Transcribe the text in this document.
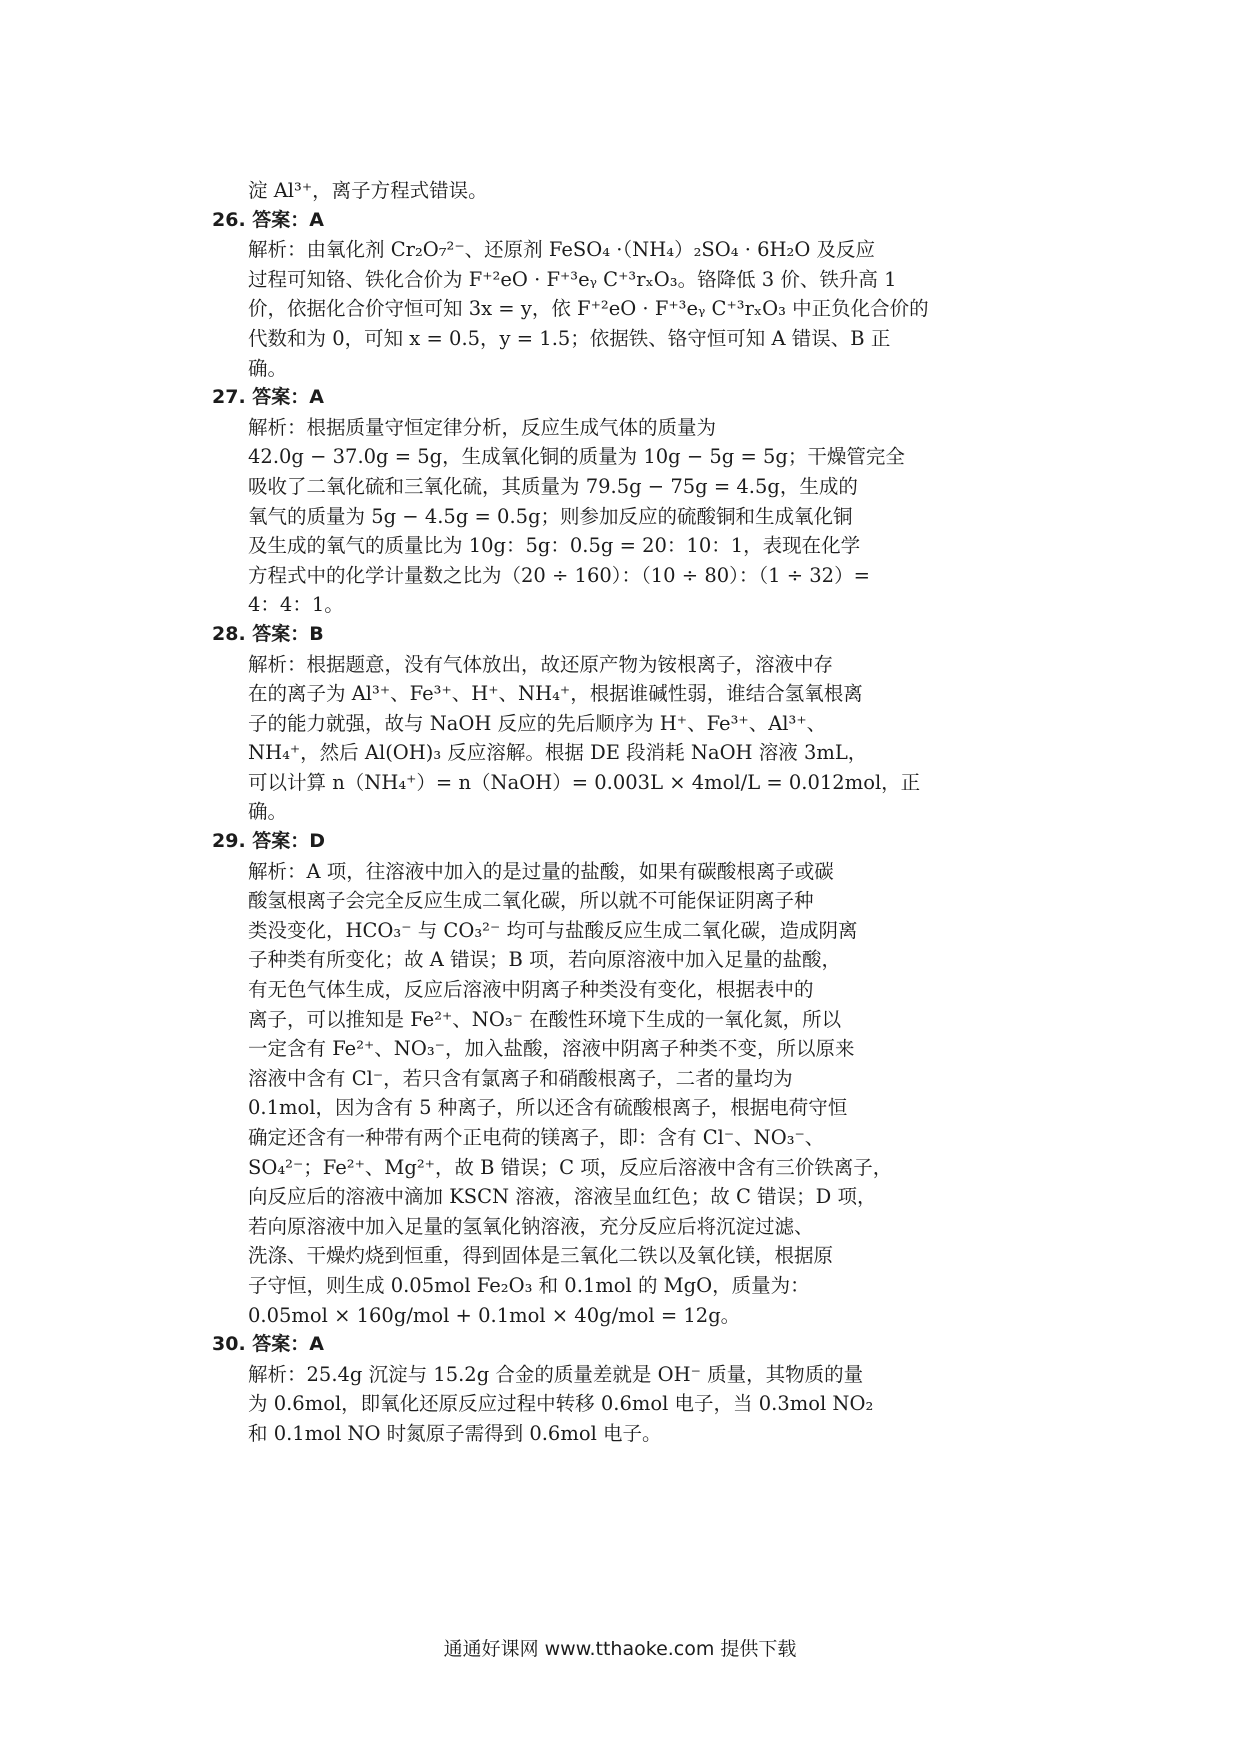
淀 Al³⁺，离子方程式错误。
26. 答案：A
解析：由氧化剂 Cr₂O₇²⁻、还原剂 FeSO₄ ·（NH₄）₂SO₄ · 6H₂O 及反应
过程可知铬、铁化合价为 F⁺²eO · F⁺³eᵧ C⁺³rₓO₃。铬降低 3 价、铁升高 1
价，依据化合价守恒可知 3x = y，依 F⁺²eO · F⁺³eᵧ C⁺³rₓO₃ 中正负化合价的
代数和为 0，可知 x = 0.5，y = 1.5；依据铁、铬守恒可知 A 错误、B 正
确。
27. 答案：A
解析：根据质量守恒定律分析，反应生成气体的质量为
42.0g − 37.0g = 5g，生成氧化铜的质量为 10g − 5g = 5g；干燥管完全
吸收了二氧化硫和三氧化硫，其质量为 79.5g − 75g = 4.5g，生成的
氧气的质量为 5g − 4.5g = 0.5g；则参加反应的硫酸铜和生成氧化铜
及生成的氧气的质量比为 10g：5g：0.5g = 20：10：1，表现在化学
方程式中的化学计量数之比为（20 ÷ 160）：（10 ÷ 80）：（1 ÷ 32）=
4：4：1。
28. 答案：B
解析：根据题意，没有气体放出，故还原产物为铵根离子，溶液中存
在的离子为 Al³⁺、Fe³⁺、H⁺、NH₄⁺，根据谁碱性弱，谁结合氢氧根离
子的能力就强，故与 NaOH 反应的先后顺序为 H⁺、Fe³⁺、Al³⁺、
NH₄⁺，然后 Al(OH)₃ 反应溶解。根据 DE 段消耗 NaOH 溶液 3mL，
可以计算 n（NH₄⁺）= n（NaOH）= 0.003L × 4mol/L = 0.012mol，正
确。
29. 答案：D
解析：A 项，往溶液中加入的是过量的盐酸，如果有碳酸根离子或碳
酸氢根离子会完全反应生成二氧化碳，所以就不可能保证阴离子种
类没变化，HCO₃⁻ 与 CO₃²⁻ 均可与盐酸反应生成二氧化碳，造成阴离
子种类有所变化；故 A 错误；B 项，若向原溶液中加入足量的盐酸，
有无色气体生成，反应后溶液中阴离子种类没有变化，根据表中的
离子，可以推知是 Fe²⁺、NO₃⁻ 在酸性环境下生成的一氧化氮，所以
一定含有 Fe²⁺、NO₃⁻，加入盐酸，溶液中阴离子种类不变，所以原来
溶液中含有 Cl⁻，若只含有氯离子和硝酸根离子，二者的量均为
0.1mol，因为含有 5 种离子，所以还含有硫酸根离子，根据电荷守恒
确定还含有一种带有两个正电荷的镁离子，即：含有 Cl⁻、NO₃⁻、
SO₄²⁻；Fe²⁺、Mg²⁺，故 B 错误；C 项，反应后溶液中含有三价铁离子，
向反应后的溶液中滴加 KSCN 溶液，溶液呈血红色；故 C 错误；D 项，
若向原溶液中加入足量的氢氧化钠溶液，充分反应后将沉淀过滤、
洗涤、干燥灼烧到恒重，得到固体是三氧化二铁以及氧化镁，根据原
子守恒，则生成 0.05mol Fe₂O₃ 和 0.1mol 的 MgO，质量为：
0.05mol × 160g/mol + 0.1mol × 40g/mol = 12g。
30. 答案：A
解析：25.4g 沉淀与 15.2g 合金的质量差就是 OH⁻ 质量，其物质的量
为 0.6mol，即氧化还原反应过程中转移 0.6mol 电子，当 0.3mol NO₂
和 0.1mol NO 时氮原子需得到 0.6mol 电子。
通通好课网 www.tthaoke.com 提供下载
